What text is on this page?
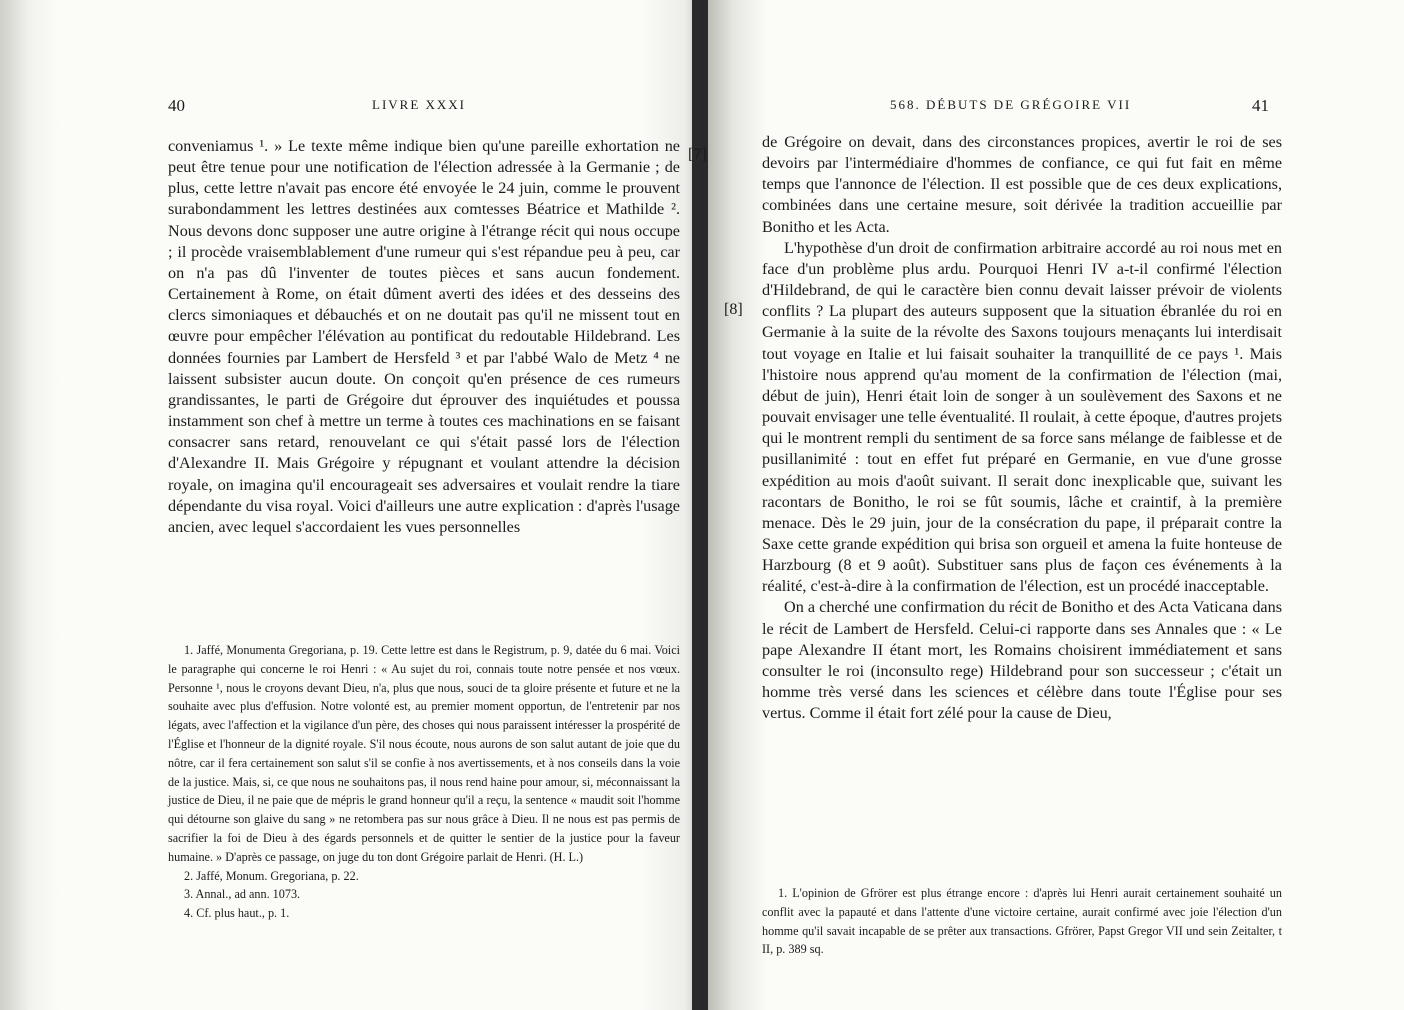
40	LIVRE XXXI

conveniamus ¹. » Le texte même indique bien qu'une pareille exhortation ne peut être tenue pour une notification de l'élection adressée à la Germanie ; de plus, cette lettre n'avait pas encore été envoyée le 24 juin, comme le prouvent surabondamment les lettres destinées aux comtesses Béatrice et Mathilde ². Nous devons donc supposer une autre origine à l'étrange récit qui nous occupe ; il procède vraisemblablement d'une rumeur qui s'est répandue peu à peu, car on n'a pas dû l'inventer de toutes pièces et sans aucun fondement. Certainement à Rome, on était dûment averti des idées et des desseins des clercs simoniaques et débauchés et on ne doutait pas qu'il ne missent tout en œuvre pour empêcher l'élévation au pontificat du redoutable Hildebrand. Les données fournies par Lambert de Hersfeld ³ et par l'abbé Walo de Metz ⁴ ne laissent subsister aucun doute. On conçoit qu'en présence de ces rumeurs grandissantes, le parti de Grégoire dut éprouver des inquiétudes et poussa instamment son chef à mettre un terme à toutes ces machinations en se faisant consacrer sans retard, renouvelant ce qui s'était passé lors de l'élection d'Alexandre II. Mais Grégoire y répugnant et voulant attendre la décision royale, on imagina qu'il encourageait ses adversaires et voulait rendre la tiare dépendante du visa royal. Voici d'ailleurs une autre explication : d'après l'usage ancien, avec lequel s'accordaient les vues personnelles

1. Jaffé, Monumenta Gregoriana, p. 19. Cette lettre est dans le Registrum, p. 9, datée du 6 mai. Voici le paragraphe qui concerne le roi Henri : « Au sujet du roi, connais toute notre pensée et nos vœux. Personne ¹, nous le croyons devant Dieu, n'a, plus que nous, souci de ta gloire présente et future et ne la souhaite avec plus d'effusion. Notre volonté est, au premier moment opportun, de l'entretenir par nos légats, avec l'affection et la vigilance d'un père, des choses qui nous paraissent intéresser la prospérité de l'Église et l'honneur de la dignité royale. S'il nous écoute, nous aurons de son salut autant de joie que du nôtre, car il fera certainement son salut s'il se confie à nos avertissements, et à nos conseils dans la voie de la justice. Mais, si, ce que nous ne souhaitons pas, il nous rend haine pour amour, si, méconnaissant la justice de Dieu, il ne paie que de mépris le grand honneur qu'il a reçu, la sentence « maudit soit l'homme qui détourne son glaive du sang » ne retombera pas sur nous grâce à Dieu. Il ne nous est pas permis de sacrifier la foi de Dieu à des égards personnels et de quitter le sentier de la justice pour la faveur humaine. » D'après ce passage, on juge du ton dont Grégoire parlait de Henri. (H. L.)

2. Jaffé, Monum. Gregoriana, p. 22.

3. Annal., ad ann. 1073.

4. Cf. plus haut., p. 1.

568. DÉBUTS DE GRÉGOIRE VII	41
[7]
[8]

de Grégoire on devait, dans des circonstances propices, avertir le roi de ses devoirs par l'intermédiaire d'hommes de confiance, ce qui fut fait en même temps que l'annonce de l'élection. Il est possible que de ces deux explications, combinées dans une certaine mesure, soit dérivée la tradition accueillie par Bonitho et les Acta.

L'hypothèse d'un droit de confirmation arbitraire accordé au roi nous met en face d'un problème plus ardu. Pourquoi Henri IV a-t-il confirmé l'élection d'Hildebrand, de qui le caractère bien connu devait laisser prévoir de violents conflits ? La plupart des auteurs supposent que la situation ébranlée du roi en Germanie à la suite de la révolte des Saxons toujours menaçants lui interdisait tout voyage en Italie et lui faisait souhaiter la tranquillité de ce pays ¹. Mais l'histoire nous apprend qu'au moment de la confirmation de l'élection (mai, début de juin), Henri était loin de songer à un soulèvement des Saxons et ne pouvait envisager une telle éventualité. Il roulait, à cette époque, d'autres projets qui le montrent rempli du sentiment de sa force sans mélange de faiblesse et de pusillanimité : tout en effet fut préparé en Germanie, en vue d'une grosse expédition au mois d'août suivant. Il serait donc inexplicable que, suivant les racontars de Bonitho, le roi se fût soumis, lâche et craintif, à la première menace. Dès le 29 juin, jour de la consécration du pape, il préparait contre la Saxe cette grande expédition qui brisa son orgueil et amena la fuite honteuse de Harzbourg (8 et 9 août). Substituer sans plus de façon ces événements à la réalité, c'est-à-dire à la confirmation de l'élection, est un procédé inacceptable.

On a cherché une confirmation du récit de Bonitho et des Acta Vaticana dans le récit de Lambert de Hersfeld. Celui-ci rapporte dans ses Annales que : « Le pape Alexandre II étant mort, les Romains choisirent immédiatement et sans consulter le roi (inconsulto rege) Hildebrand pour son successeur ; c'était un homme très versé dans les sciences et célèbre dans toute l'Église pour ses vertus. Comme il était fort zélé pour la cause de Dieu,

1. L'opinion de Gfrörer est plus étrange encore : d'après lui Henri aurait certainement souhaité un conflit avec la papauté et dans l'attente d'une victoire certaine, aurait confirmé avec joie l'élection d'un homme qu'il savait incapable de se prêter aux transactions. Gfrörer, Papst Gregor VII und sein Zeitalter, t II, p. 389 sq.
